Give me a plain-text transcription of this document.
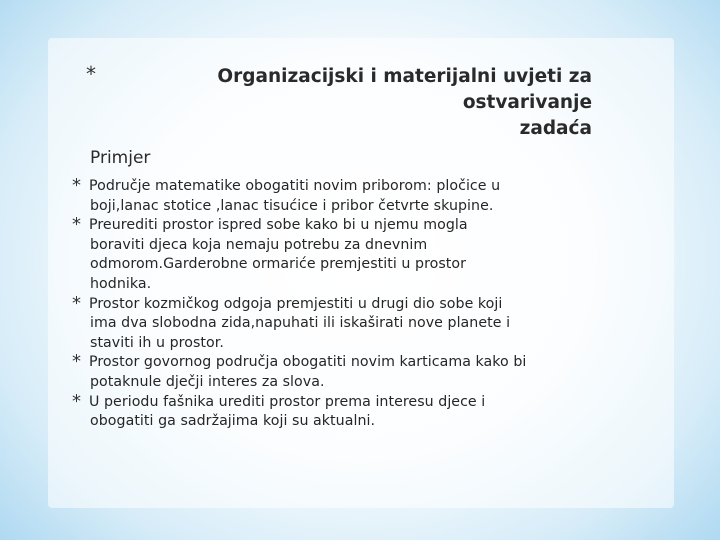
*	Organizacijski i materijalni uvjeti za ostvarivanje
zadaća
Primjer
* Područje matematike obogatiti novim priborom: pločice u
boji,lanac stotice ,lanac tisućice i pribor četvrte skupine.
* Preurediti prostor ispred sobe kako bi u njemu mogla
boraviti djeca koja nemaju potrebu za dnevnim
odmorom.Garderobne ormariće premjestiti u prostor
hodnika.
* Prostor kozmičkog odgoja premjestiti u drugi dio sobe koji
ima dva slobodna zida,napuhati ili iskaširati nove planete i
staviti ih u prostor.
* Prostor govornog područja obogatiti novim karticama kako bi
potaknule dječji interes za slova.
* U periodu fašnika urediti prostor prema interesu djece i
obogatiti ga sadržajima koji su aktualni.
